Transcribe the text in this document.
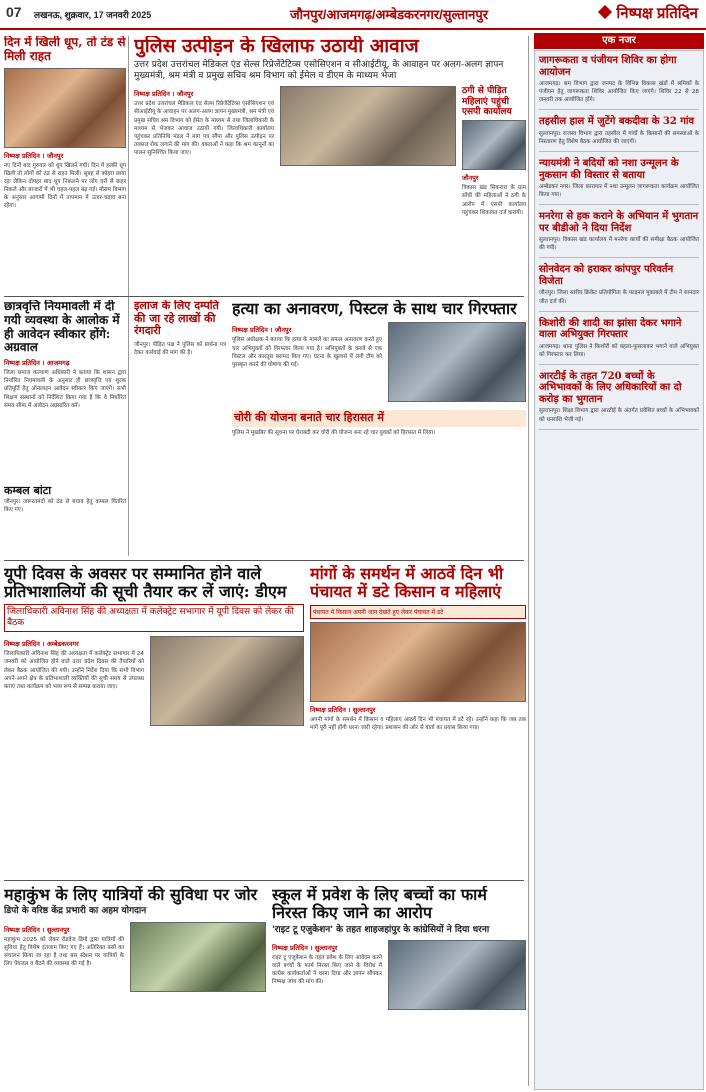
07 लखनऊ, शुक्रवार, 17 जनवरी 2025	जौनपुर/आजमगढ़/अम्बेडकरनगर/सुल्तानपुर	निष्पक्ष प्रतिदिन
दिन में खिली धूप, तो टंड से मिली राहत
निष्पक्ष प्रतिदिन । जौनपुर
नए दिनों बाद गुरुवार को धूप खिलने गयी। दिन में हल्की धूप खिली तो लोगों को ठंड से राहत मिली। सुबह से कोहरा छाया रहा लेकिन दोपहर बाद धूप निकलने पर लोग घरों से बाहर निकले और बाजारों में भी चहल-पहल बढ़ गई। मौसम विभाग के अनुसार आगामी दिनों में तापमान में उतार-चढ़ाव बना रहेगा।
पुलिस उत्पीड़न के खिलाफ उठायी आवाज
उत्तर प्रदेश उत्तरांचल मेडिकल एंड सेल्स रिप्रेजेंटेटिव्स एसोसिएशन व सीआईटीयू, के आवाहन पर अलग-अलग ज्ञापन मुख्यमंत्री, श्रम मंत्री व प्रमुख सचिव श्रम विभाग को ईमेल व डीएम के माध्यम भेजा
निष्पक्ष प्रतिदिन । जौनपुर
उत्तर प्रदेश उत्तरांचल मेडिकल एंड सेल्स रिप्रेजेंटेटिव्स एसोसिएशन एवं सीआईटीयू के आवाहन पर अलग-अलग ज्ञापन मुख्यमंत्री, श्रम मंत्री एवं प्रमुख सचिव श्रम विभाग को ईमेल के माध्यम से तथा जिलाधिकारी के माध्यम से भेजकर आवाज उठायी गयी। जिलाधिकारी कार्यालय पहुंचकर प्रतिनिधि मंडल ने मांग पत्र सौंपा और पुलिस उत्पीड़न पर तत्काल रोक लगाने की मांग की। वक्ताओं ने कहा कि श्रम कानूनों का पालन सुनिश्चित किया जाए।
ठगी से पीड़ित महिलाएं पहुंची एसपी कार्यालय
जौनपुर
विकास खंड सिकरारा के ग्राम सोंधी की महिलाओं ने ठगी के आरोप में एसपी कार्यालय पहुंचकर शिकायत दर्ज करायी।
छात्रवृत्ति नियमावली में दी गयी व्यवस्था के आलोक में ही आवेदन स्वीकार होंगे: अग्रवाल
निष्पक्ष प्रतिदिन । आजमगढ़
जिला समाज कल्याण अधिकारी ने बताया कि शासन द्वारा निर्धारित नियमावली के अनुसार ही छात्रवृत्ति एवं शुल्क प्रतिपूर्ति हेतु ऑनलाइन आवेदन स्वीकार किए जाएंगे। सभी शिक्षण संस्थानों को निर्देशित किया गया है कि वे निर्धारित समय सीमा में आवेदन अग्रसारित करें।
कम्बल बांटा
जौनपुर। जरूरतमंदों को ठंड से बचाव हेतु कम्बल वितरित किए गए।
इलाज के लिए दम्पति की जा रहे लाखों की रंगदारी
जौनपुर। पीड़ित पक्ष ने पुलिस को प्रार्थना पत्र देकर कार्रवाई की मांग की है।
हत्या का अनावरण, पिस्टल के साथ चार गिरफ्तार
निष्पक्ष प्रतिदिन । जौनपुर
पुलिस अधीक्षक ने बताया कि हत्या के मामले का सफल अनावरण करते हुए चार अभियुक्तों को गिरफ्तार किया गया है। अभियुक्तों के कब्जे से एक पिस्टल और कारतूस बरामद किए गए। घटना के खुलासे में लगी टीम को पुरस्कृत करने की घोषणा की गई।
चोरी की योजना बनाते चार हिरासत में
पुलिस ने मुखबिर की सूचना पर घेराबंदी कर चोरी की योजना बना रहे चार युवकों को हिरासत में लिया।
यूपी दिवस के अवसर पर सम्मानित होने वाले प्रतिभाशालियों की सूची तैयार कर लें जाएं: डीएम
जिलाधिकारी अविनाश सिंह की अध्यक्षता में कलेक्ट्रेट सभागार में यूपी दिवस को लेकर की बैठक
निष्पक्ष प्रतिदिन । अम्बेडकरनगर
जिलाधिकारी अविनाश सिंह की अध्यक्षता में कलेक्ट्रेट सभागार में 24 जनवरी को आयोजित होने वाले उत्तर प्रदेश दिवस की तैयारियों को लेकर बैठक आयोजित की गयी। उन्होंने निर्देश दिया कि सभी विभाग अपने-अपने क्षेत्र के प्रतिभाशाली व्यक्तियों की सूची समय से उपलब्ध कराएं तथा कार्यक्रम को भव्य रूप से सम्पन्न कराया जाए।
मांगों के समर्थन में आठवें दिन भी पंचायत में डटे किसान व महिलाएं
पंचायत में किसान अपनी जान देखते हुए लेकर पंचायत में डटे
निष्पक्ष प्रतिदिन । सुल्तानपुर
अपनी मांगों के समर्थन में किसान व महिलाएं आठवें दिन भी पंचायत में डटे रहे। उन्होंने कहा कि जब तक मांगें पूरी नहीं होंगी धरना जारी रहेगा। प्रशासन की ओर से वार्ता का प्रयास किया गया।
महाकुंभ के लिए यात्रियों की सुविधा पर जोर
डिपो के वरिष्ठ केंद्र प्रभारी का अहम योगदान
निष्पक्ष प्रतिदिन । सुल्तानपुर
महाकुंभ 2025 को लेकर रोडवेज डिपो द्वारा यात्रियों की सुविधा हेतु विशेष इंतजाम किए गए हैं। अतिरिक्त बसों का संचालन किया जा रहा है तथा बस स्टेशन पर यात्रियों के लिए पेयजल व बैठने की व्यवस्था की गई है।
स्कूल में प्रवेश के लिए बच्चों का फार्म निरस्त किए जाने का आरोप
'राइट टू एजुकेशन' के तहत शाहजहांपुर के कांग्रेसियों ने दिया धरना
निष्पक्ष प्रतिदिन । सुल्तानपुर
राइट टू एजुकेशन के तहत प्रवेश के लिए आवेदन करने वाले बच्चों के फार्म निरस्त किए जाने के विरोध में कांग्रेस कार्यकर्ताओं ने धरना दिया और ज्ञापन सौंपकर निष्पक्ष जांच की मांग की।
एक नजर
जागरूकता व पंजीयन शिविर का होगा आयोजन
आजमगढ़। श्रम विभाग द्वारा जनपद के विभिन्न विकास खंडों में श्रमिकों के पंजीयन हेतु जागरूकता शिविर आयोजित किए जाएंगे। शिविर 22 से 28 जनवरी तक आयोजित होंगे।
तहसील हाल में जुटेंगे बकदीवा के 32 गांव
सुल्तानपुर। राजस्व विभाग द्वारा तहसील में गांवों के किसानों की समस्याओं के निस्तारण हेतु विशेष बैठक आयोजित की जाएगी।
न्यायमंत्री ने बदियों को नशा उन्मूलन के नुकसान की विस्तार से बताया
अम्बेडकर नगर। जिला कारागार में नशा उन्मूलन जागरूकता कार्यक्रम आयोजित किया गया।
मनरेगा से हक कराने के अभियान में भुगतान पर बीडीओ ने दिया निर्देश
सुल्तानपुर। विकास खंड कार्यालय में मनरेगा कार्यों की समीक्षा बैठक आयोजित की गयी।
सोनवेदन को हराकर कांपपुर परिवर्तन विजेता
जौनपुर। जिला स्तरीय क्रिकेट प्रतियोगिता के फाइनल मुकाबले में टीम ने शानदार जीत दर्ज की।
किशोरी की शादी का झांसा देकर भगाने वाला अभियुक्त गिरफ्तार
आजमगढ़। थाना पुलिस ने किशोरी को बहला-फुसलाकर भगाने वाले अभियुक्त को गिरफ्तार कर लिया।
आरटीई के तहत 720 बच्चों के अभिभावकों के लिए अधिकारियों का दो करोड़ का भुगतान
सुल्तानपुर। शिक्षा विभाग द्वारा आरटीई के अंतर्गत प्रवेशित बच्चों के अभिभावकों को धनराशि भेजी गई।
